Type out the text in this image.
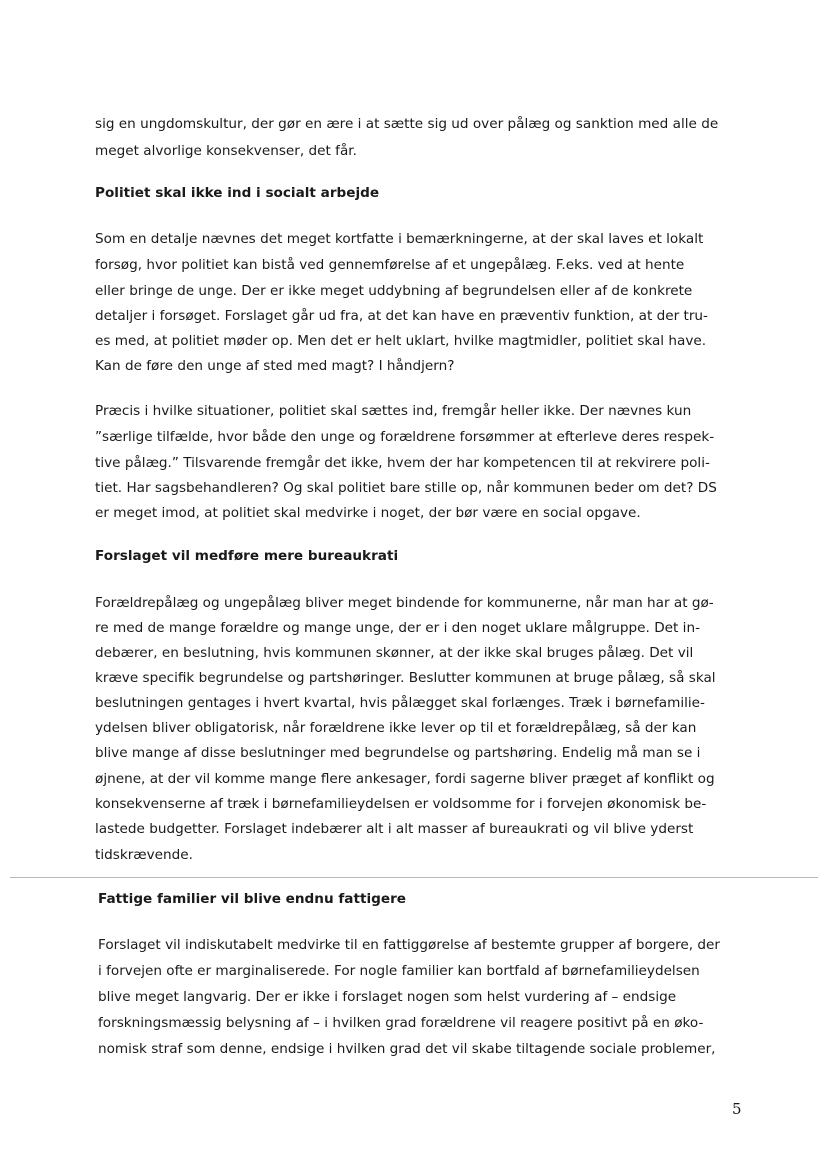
sig en ungdomskultur, der gør en ære i at sætte sig ud over pålæg og sanktion med alle de
meget alvorlige konsekvenser, det får.
Politiet skal ikke ind i socialt arbejde
Som en detalje nævnes det meget kortfatte i bemærkningerne, at der skal laves et lokalt
forsøg, hvor politiet kan bistå ved gennemførelse af et ungepålæg. F.eks. ved at hente
eller bringe de unge. Der er ikke meget uddybning af begrundelsen eller af de konkrete
detaljer i forsøget. Forslaget går ud fra, at det kan have en præventiv funktion, at der tru-
es med, at politiet møder op. Men det er helt uklart, hvilke magtmidler, politiet skal have.
Kan de føre den unge af sted med magt? I håndjern?
Præcis i hvilke situationer, politiet skal sættes ind, fremgår heller ikke. Der nævnes kun
”særlige tilfælde, hvor både den unge og forældrene forsømmer at efterleve deres respek-
tive pålæg.” Tilsvarende fremgår det ikke, hvem der har kompetencen til at rekvirere poli-
tiet. Har sagsbehandleren? Og skal politiet bare stille op, når kommunen beder om det? DS
er meget imod, at politiet skal medvirke i noget, der bør være en social opgave.
Forslaget vil medføre mere bureaukrati
Forældrepålæg og ungepålæg bliver meget bindende for kommunerne, når man har at gø-
re med de mange forældre og mange unge, der er i den noget uklare målgruppe. Det in-
debærer, en beslutning, hvis kommunen skønner, at der ikke skal bruges pålæg. Det vil
kræve specifik begrundelse og partshøringer. Beslutter kommunen at bruge pålæg, så skal
beslutningen gentages i hvert kvartal, hvis pålægget skal forlænges. Træk i børnefamilie-
ydelsen bliver obligatorisk, når forældrene ikke lever op til et forældrepålæg, så der kan
blive mange af disse beslutninger med begrundelse og partshøring. Endelig må man se i
øjnene, at der vil komme mange flere ankesager, fordi sagerne bliver præget af konflikt og
konsekvenserne af træk i børnefamilieydelsen er voldsomme for i forvejen økonomisk be-
lastede budgetter. Forslaget indebærer alt i alt masser af bureaukrati og vil blive yderst
tidskrævende.
Fattige familier vil blive endnu fattigere
Forslaget vil indiskutabelt medvirke til en fattiggørelse af bestemte grupper af borgere, der
i forvejen ofte er marginaliserede. For nogle familier kan bortfald af børnefamilieydelsen
blive meget langvarig. Der er ikke i forslaget nogen som helst vurdering af – endsige
forskningsmæssig belysning af – i hvilken grad forældrene vil reagere positivt på en øko-
nomisk straf som denne, endsige i hvilken grad det vil skabe tiltagende sociale problemer,
5
